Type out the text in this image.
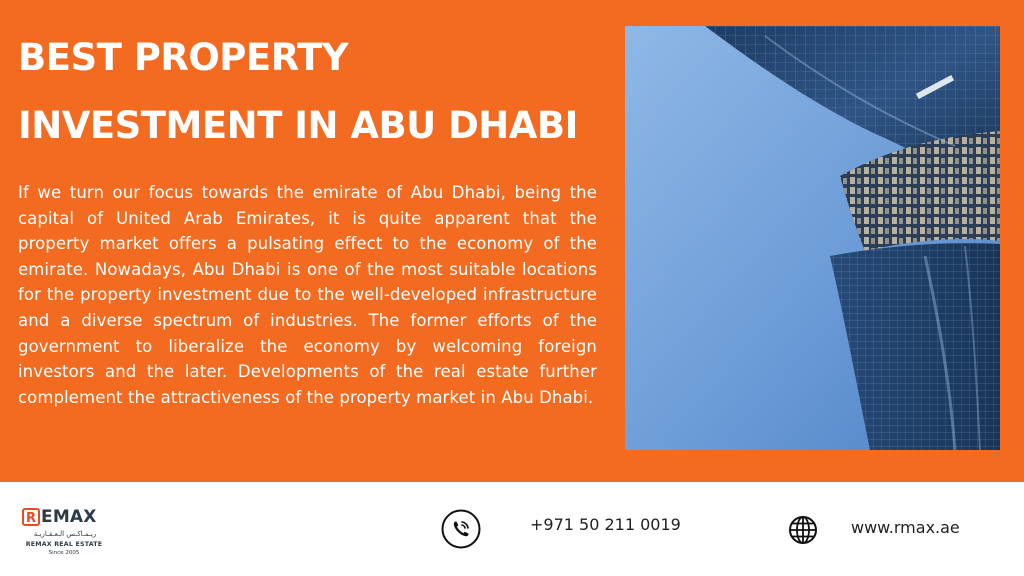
BEST PROPERTY
INVESTMENT IN ABU DHABI

If we turn our focus towards the emirate of Abu Dhabi, being the capital of United Arab Emirates, it is quite apparent that the property market offers a pulsating effect to the economy of the emirate. Nowadays, Abu Dhabi is one of the most suitable locations for the property investment due to the well-developed infrastructure and a diverse spectrum of industries. The former efforts of the government to liberalize the economy by welcoming foreign investors and the later. Developments of the real estate further complement the attractiveness of the property market in Abu Dhabi.

R EMAX
ريـمـاكـس الـعـقـاريـة
REMAX REAL ESTATE
Since 2005
+971 50 211 0019	www.rmax.ae
